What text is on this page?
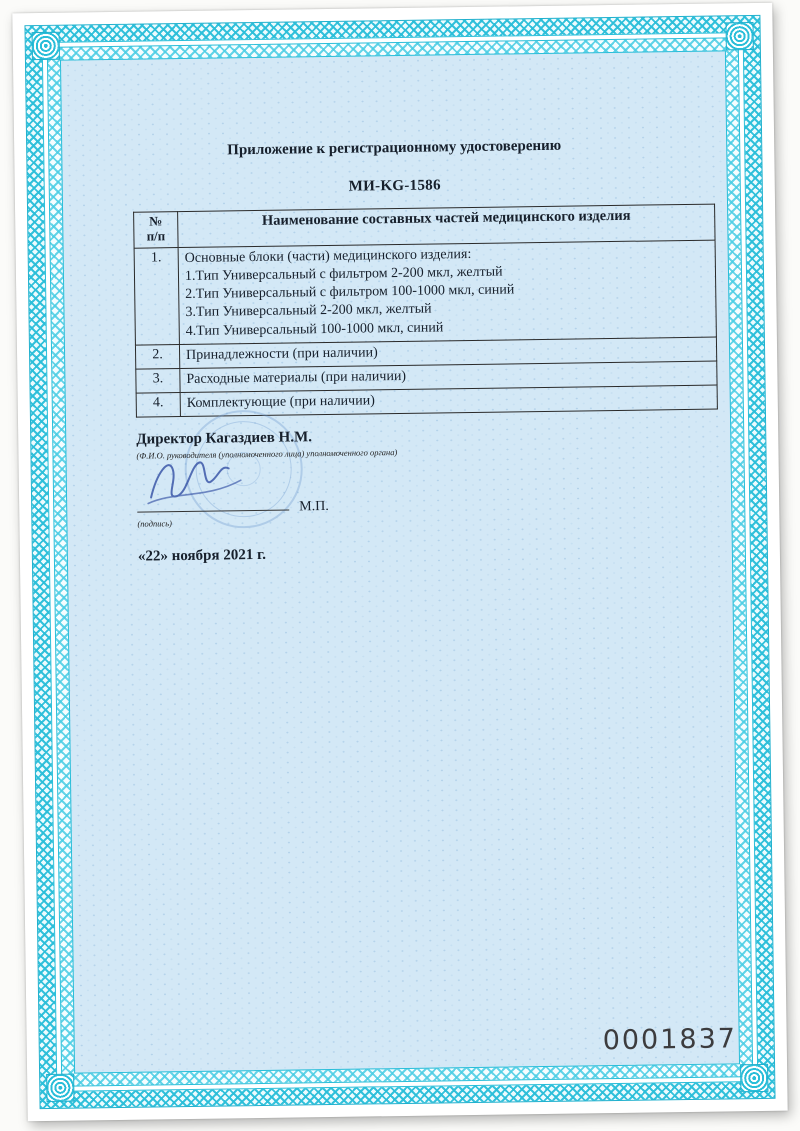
Приложение к регистрационному удостоверению
МИ-KG-1586
№
п/п	Наименование составных частей медицинского изделия
1.	Основные блоки (части) медицинского изделия:
1.Тип Универсальный с фильтром 2-200 мкл, желтый
2.Тип Универсальный с фильтром 100-1000 мкл, синий
3.Тип Универсальный 2-200 мкл, желтый
4.Тип Универсальный 100-1000 мкл, синий

2.	Принадлежности (при наличии)

3.	Расходные материалы (при наличии)

4.	Комплектующие (при наличии)
Директор Кагаздиев Н.М.
(Ф.И.О. руководителя (уполномоченного лица) уполномоченного органа)
М.П.
(подпись)
«22» ноября 2021 г.
0001837
